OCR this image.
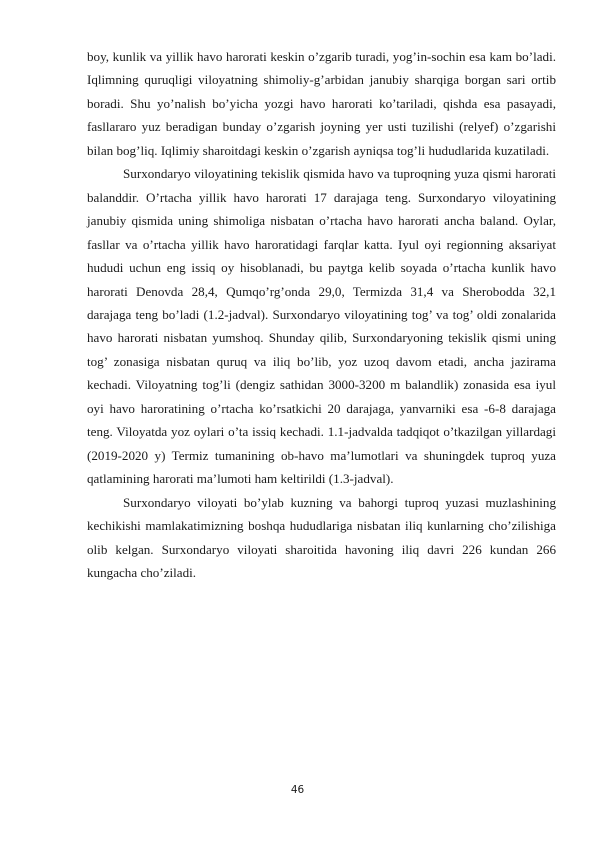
boy, kunlik va yillik havo harorati keskin o’zgarib turadi, yog’in-sochin esa kam bo’ladi. Iqlimning quruqligi viloyatning shimoliy-g’arbidan janubiy sharqiga borgan sari ortib boradi. Shu yo’nalish bo’yicha yozgi havo harorati ko’tariladi, qishda esa pasayadi, fasllararo yuz beradigan bunday o’zgarish joyning yer usti tuzilishi (relyef) o’zgarishi bilan bog’liq. Iqlimiy sharoitdagi keskin o’zgarish ayniqsa tog’li hududlarida kuzatiladi.

Surxondaryo viloyatining tekislik qismida havo va tuproqning yuza qismi harorati balanddir. O’rtacha yillik havo harorati 17 darajaga teng. Surxondaryo viloyatining janubiy qismida uning shimoliga nisbatan o’rtacha havo harorati ancha baland. Oylar, fasllar va o’rtacha yillik havo haroratidagi farqlar katta. Iyul oyi regionning aksariyat hududi uchun eng issiq oy hisoblanadi, bu paytga kelib soyada o’rtacha kunlik havo harorati Denovda 28,4, Qumqo’rg’onda 29,0, Termizda 31,4 va Sherobodda 32,1 darajaga teng bo’ladi (1.2-jadval). Surxondaryo viloyatining tog’ va tog’ oldi zonalarida havo harorati nisbatan yumshoq. Shunday qilib, Surxondaryoning tekislik qismi uning tog’ zonasiga nisbatan quruq va iliq bo’lib, yoz uzoq davom etadi, ancha jazirama kechadi. Viloyatning tog’li (dengiz sathidan 3000-3200 m balandlik) zonasida esa iyul oyi havo haroratining o’rtacha ko’rsatkichi 20 darajaga, yanvarniki esa -6-8 darajaga teng. Viloyatda yoz oylari o’ta issiq kechadi. 1.1-jadvalda tadqiqot o’tkazilgan yillardagi (2019-2020 y) Termiz tumanining ob-havo ma’lumotlari va shuningdek tuproq yuza qatlamining harorati ma’lumoti ham keltirildi (1.3-jadval).

Surxondaryo viloyati bo’ylab kuzning va bahorgi tuproq yuzasi muzlashining kechikishi mamlakatimizning boshqa hududlariga nisbatan iliq kunlarning cho’zilishiga olib kelgan. Surxondaryo viloyati sharoitida havoning iliq davri 226 kundan 266 kungacha cho’ziladi.

46
